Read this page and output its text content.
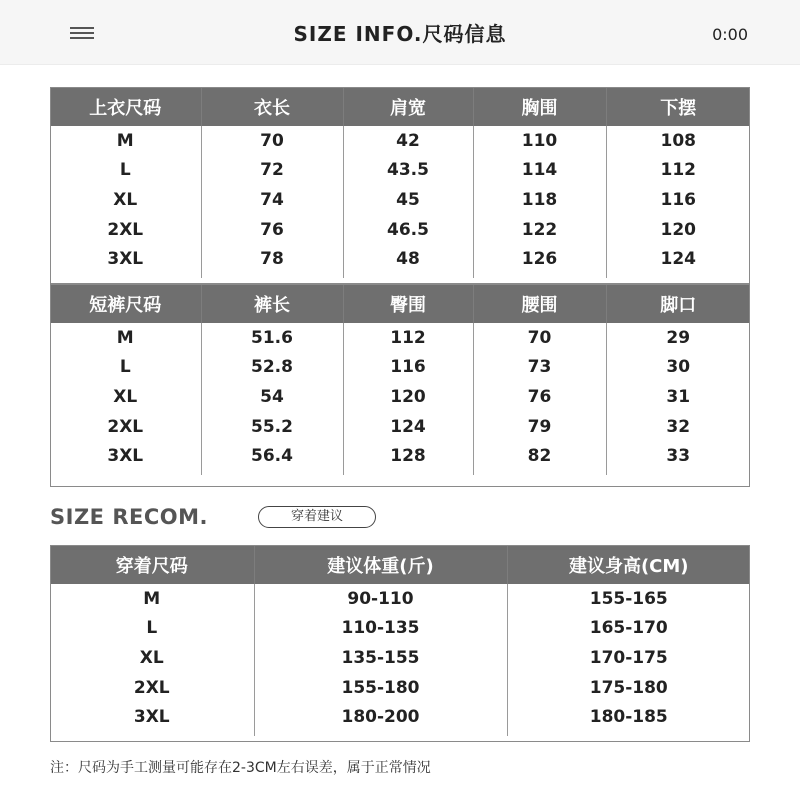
SIZE INFO.尺码信息	0:00
上衣尺码	衣长	肩宽	胸围	下摆
M	70	42	110	108
L	72	43.5	114	112
XL	74	45	118	116
2XL	76	46.5	122	120
3XL	78	48	126	124
短裤尺码	裤长	臀围	腰围	脚口
M	51.6	112	70	29
L	52.8	116	73	30
XL	54	120	76	31
2XL	55.2	124	79	32
3XL	56.4	128	82	33
SIZE RECOM.	穿着建议
穿着尺码	建议体重(斤)	建议身高(CM)
M	90-110	155-165
L	110-135	165-170
XL	135-155	170-175
2XL	155-180	175-180
3XL	180-200	180-185
注：尺码为手工测量可能存在2-3CM左右误差，属于正常情况
